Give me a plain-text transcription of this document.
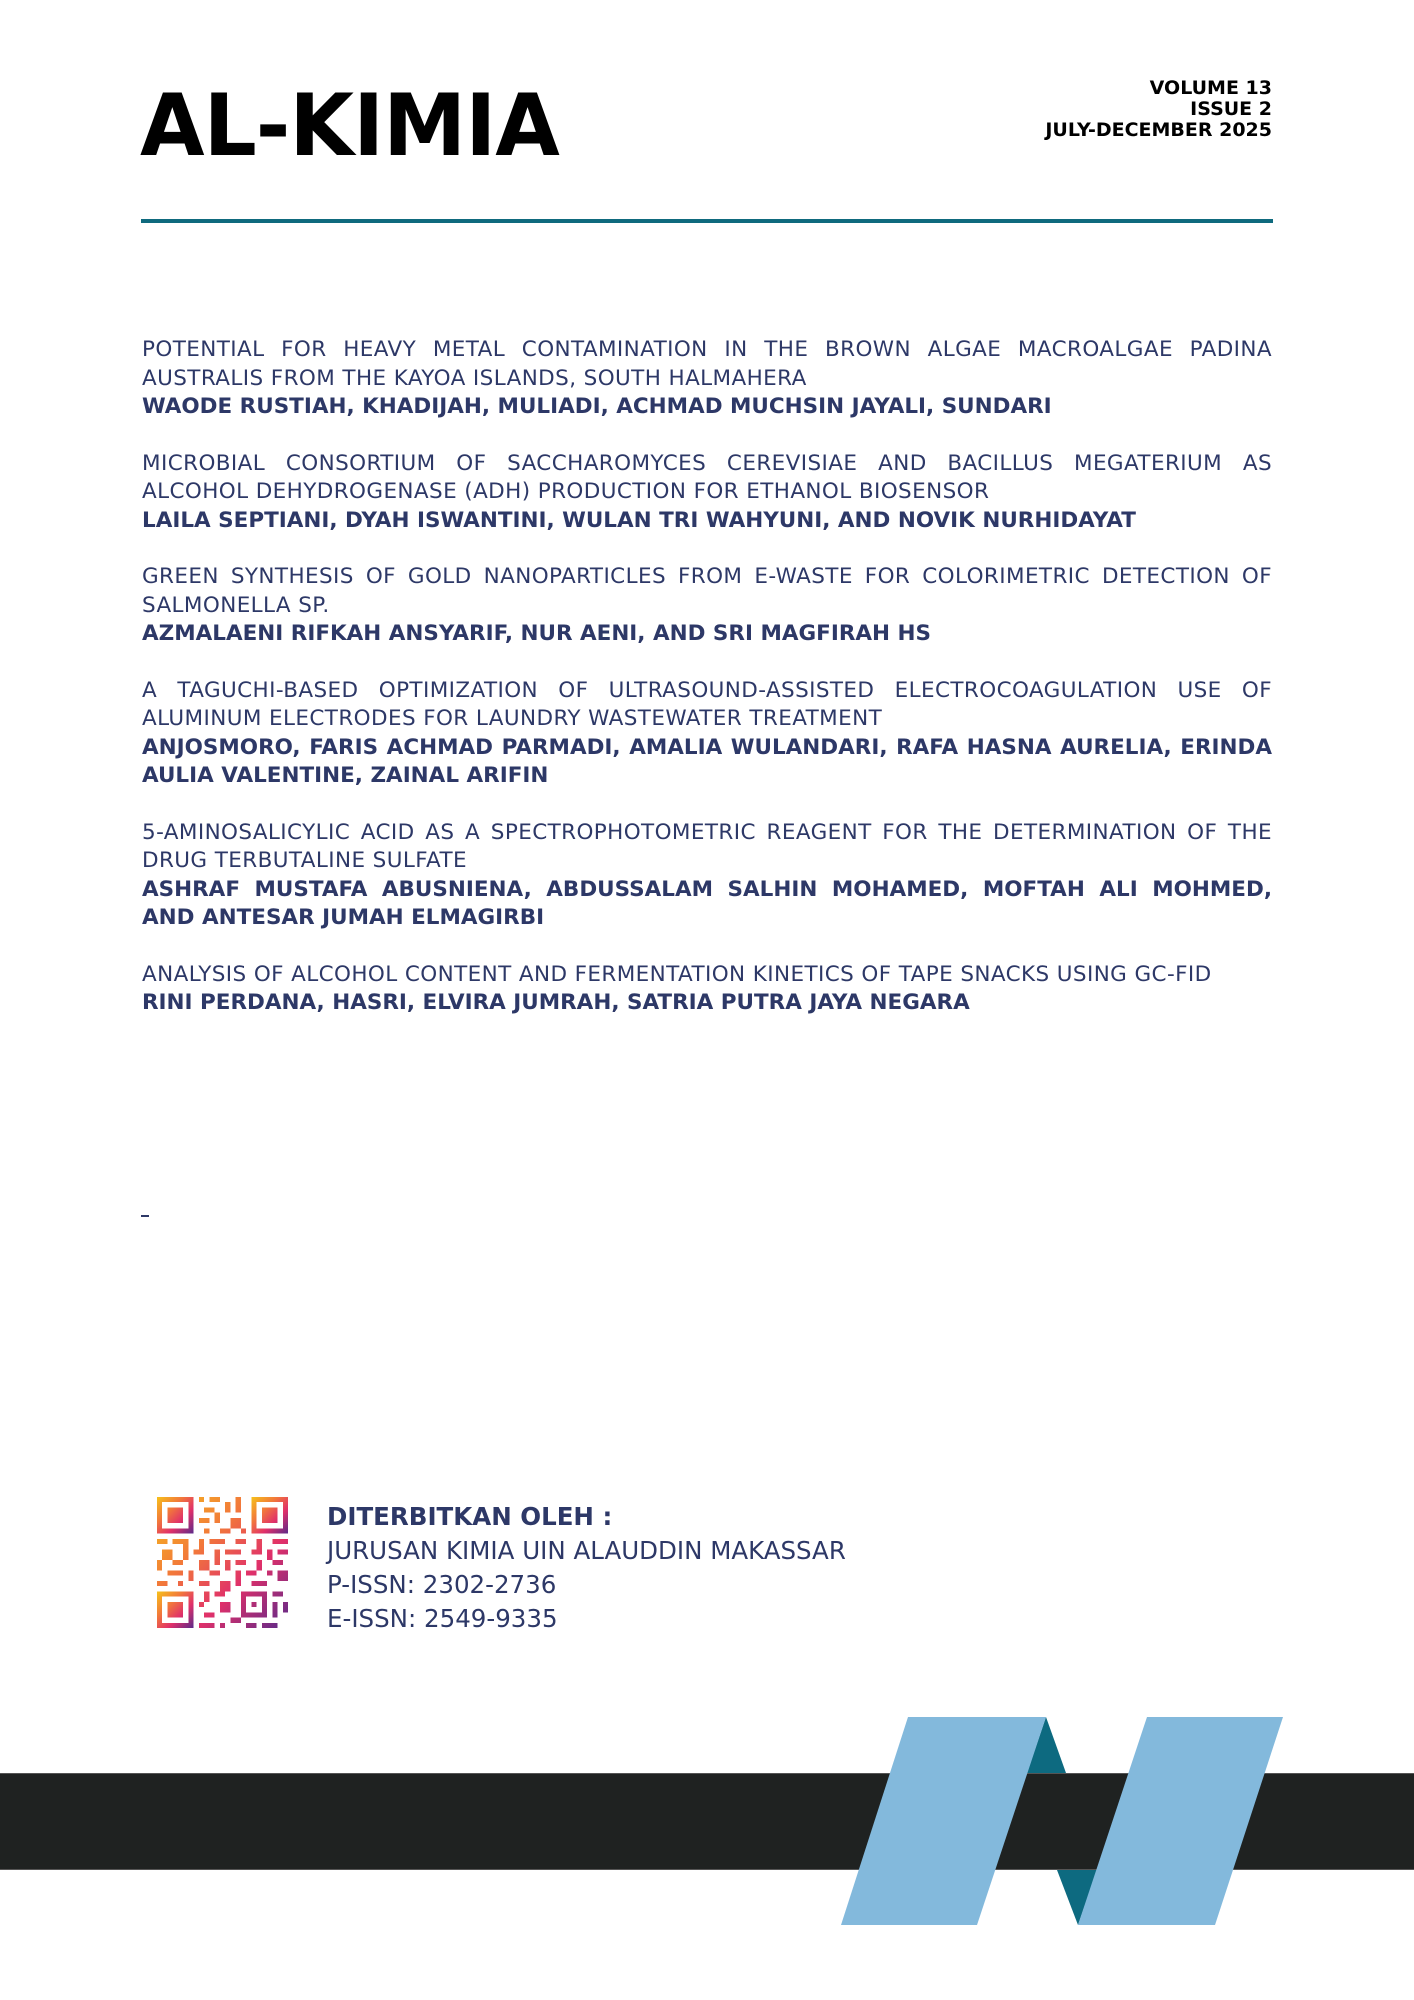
AL-KIMIA	VOLUME 13
ISSUE 2
JULY-DECEMBER 2025
POTENTIAL FOR HEAVY METAL CONTAMINATION IN THE BROWN ALGAE MACROALGAE PADINA AUSTRALIS FROM THE KAYOA ISLANDS, SOUTH HALMAHERA
WAODE RUSTIAH, KHADIJAH, MULIADI, ACHMAD MUCHSIN JAYALI, SUNDARI
MICROBIAL CONSORTIUM OF SACCHAROMYCES CEREVISIAE AND BACILLUS MEGATERIUM AS ALCOHOL DEHYDROGENASE (ADH) PRODUCTION FOR ETHANOL BIOSENSOR
LAILA SEPTIANI, DYAH ISWANTINI, WULAN TRI WAHYUNI, AND NOVIK NURHIDAYAT
GREEN SYNTHESIS OF GOLD NANOPARTICLES FROM E-WASTE FOR COLORIMETRIC DETECTION OF SALMONELLA SP.
AZMALAENI RIFKAH ANSYARIF, NUR AENI, AND SRI MAGFIRAH HS
A TAGUCHI-BASED OPTIMIZATION OF ULTRASOUND-ASSISTED ELECTROCOAGULATION USE OF ALUMINUM ELECTRODES FOR LAUNDRY WASTEWATER TREATMENT
ANJOSMORO, FARIS ACHMAD PARMADI, AMALIA WULANDARI, RAFA HASNA AURELIA, ERINDA AULIA VALENTINE, ZAINAL ARIFIN
5-AMINOSALICYLIC ACID AS A SPECTROPHOTOMETRIC REAGENT FOR THE DETERMINATION OF THE DRUG TERBUTALINE SULFATE
ASHRAF MUSTAFA ABUSNIENA, ABDUSSALAM SALHIN MOHAMED, MOFTAH ALI MOHMED, AND ANTESAR JUMAH ELMAGIRBI
ANALYSIS OF ALCOHOL CONTENT AND FERMENTATION KINETICS OF TAPE SNACKS USING GC-FID
RINI PERDANA, HASRI, ELVIRA JUMRAH, SATRIA PUTRA JAYA NEGARA
DITERBITKAN OLEH :
JURUSAN KIMIA UIN ALAUDDIN MAKASSAR
P-ISSN: 2302-2736
E-ISSN: 2549-9335
